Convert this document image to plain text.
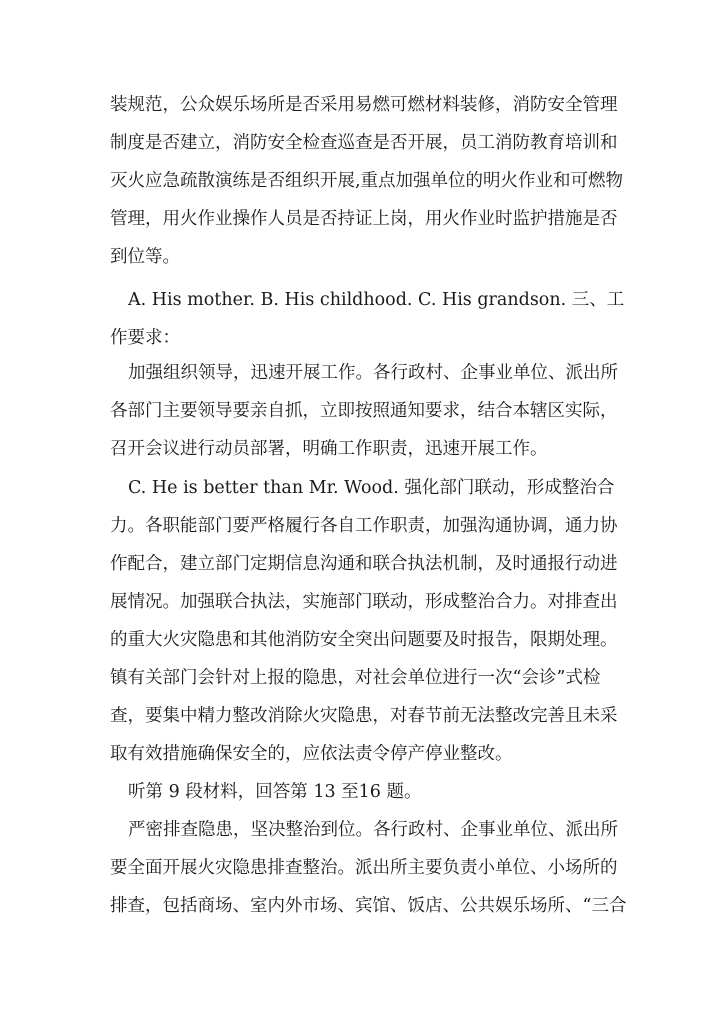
装规范，公众娱乐场所是否采用易燃可燃材料装修，消防安全管理
制度是否建立，消防安全检查巡查是否开展，员工消防教育培训和
灭火应急疏散演练是否组织开展,重点加强单位的明火作业和可燃物
管理，用火作业操作人员是否持证上岗，用火作业时监护措施是否
到位等。
A. His mother. B. His childhood. C. His grandson. 三、工
作要求：
加强组织领导，迅速开展工作。各行政村、企事业单位、派出所
各部门主要领导要亲自抓，立即按照通知要求，结合本辖区实际，
召开会议进行动员部署，明确工作职责，迅速开展工作。
C. He is better than Mr. Wood. 强化部门联动，形成整治合
力。各职能部门要严格履行各自工作职责，加强沟通协调，通力协
作配合，建立部门定期信息沟通和联合执法机制，及时通报行动进
展情况。加强联合执法，实施部门联动，形成整治合力。对排查出
的重大火灾隐患和其他消防安全突出问题要及时报告，限期处理。
镇有关部门会针对上报的隐患，对社会单位进行一次“会诊”式检
查，要集中精力整改消除火灾隐患，对春节前无法整改完善且未采
取有效措施确保安全的，应依法责令停产停业整改。
听第 9 段材料，回答第 13 至16 题。
严密排查隐患，坚决整治到位。各行政村、企事业单位、派出所
要全面开展火灾隐患排查整治。派出所主要负责小单位、小场所的
排查，包括商场、室内外市场、宾馆、饭店、公共娱乐场所、“三合
